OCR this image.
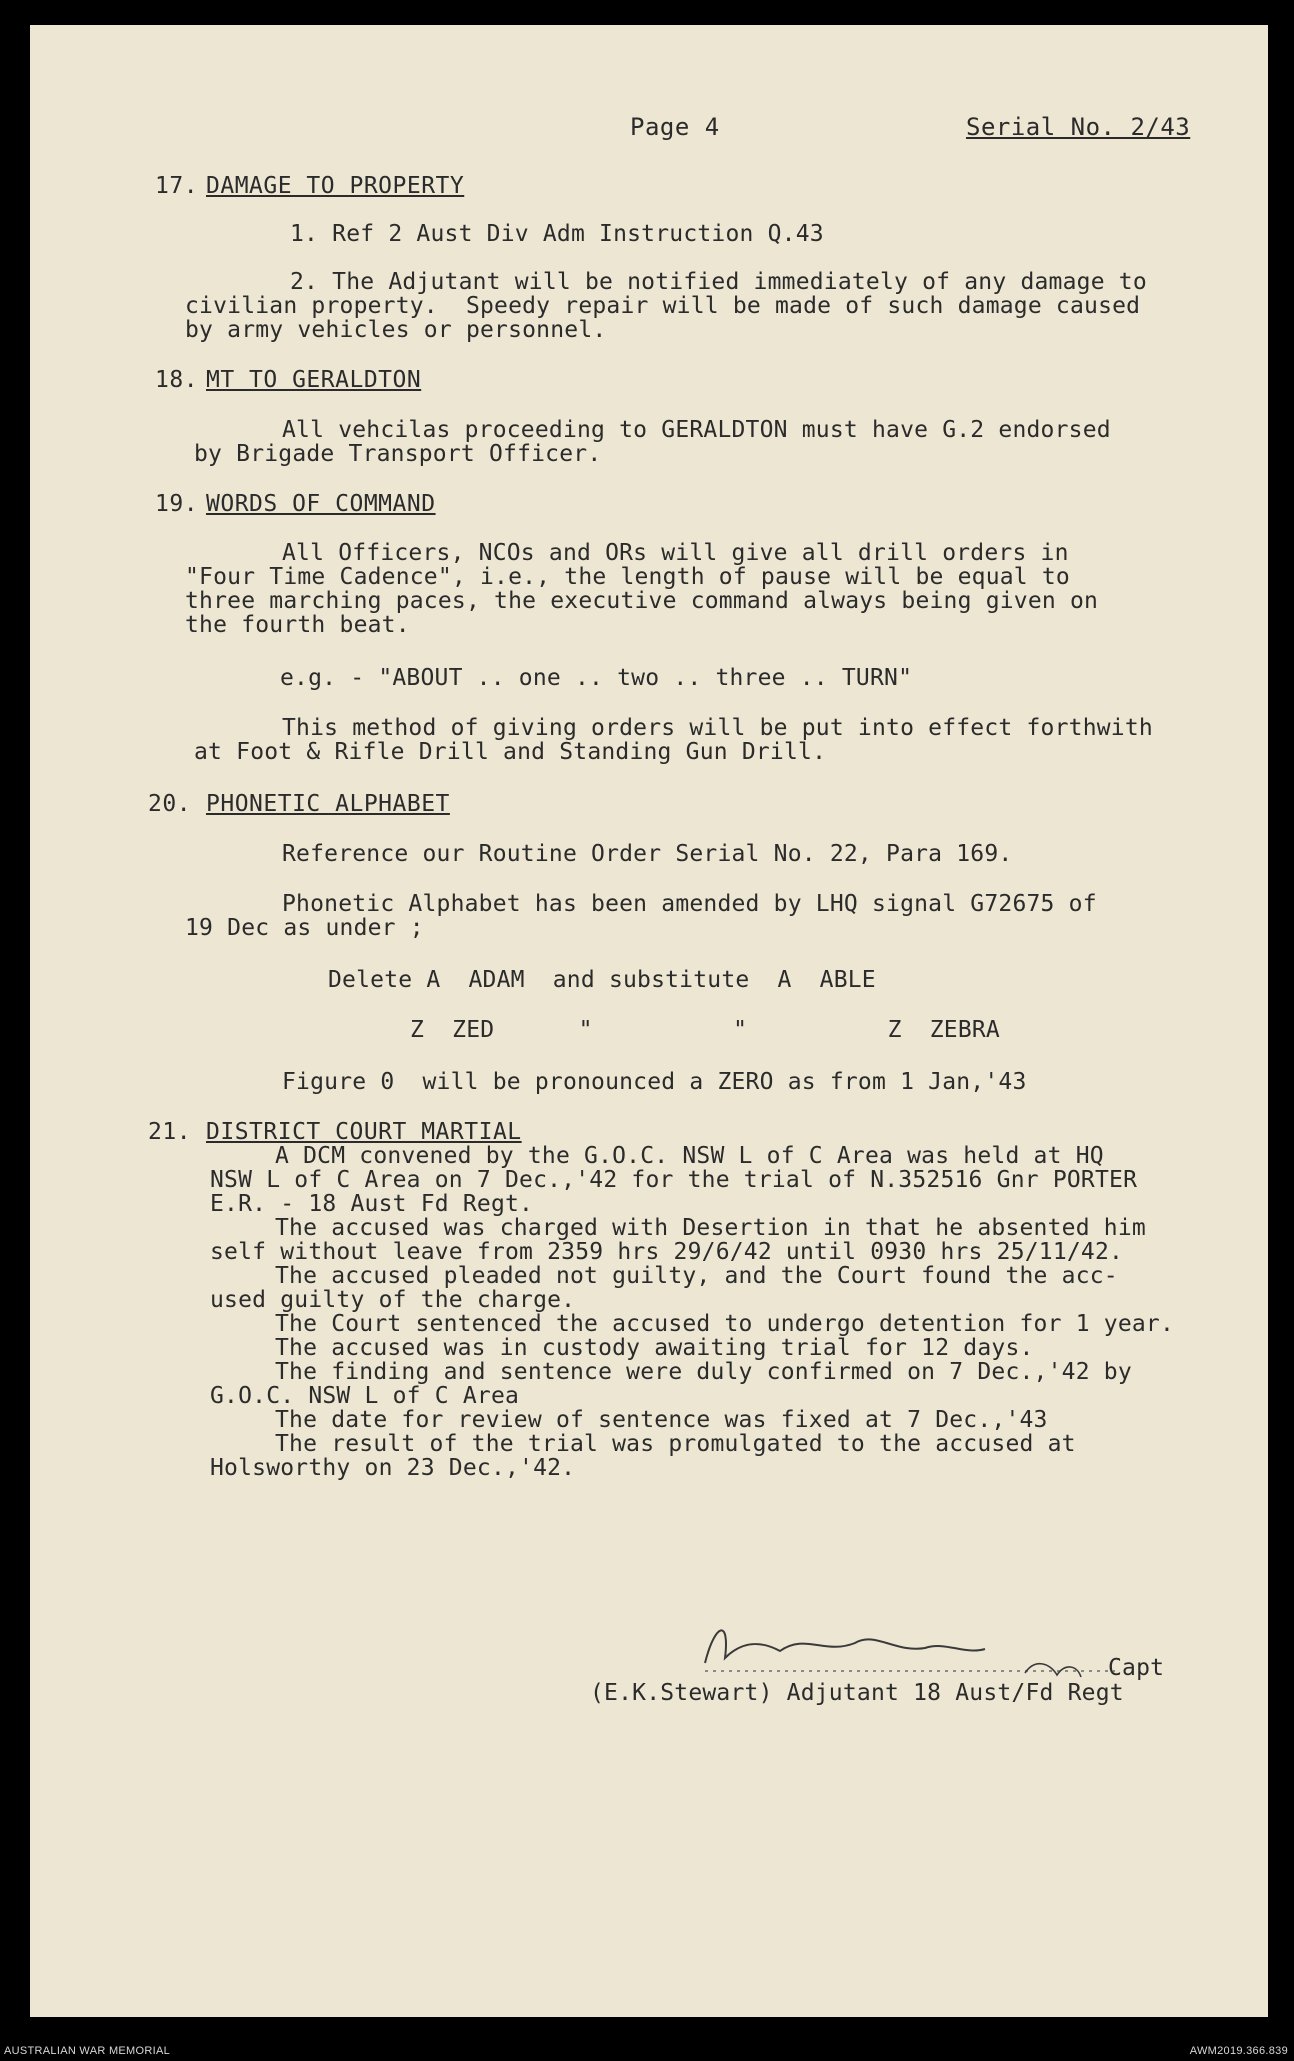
Page 4	Serial No. 2/43
17. DAMAGE TO PROPERTY
1. Ref 2 Aust Div Adm Instruction Q.43
2. The Adjutant will be notified immediately of any damage to
civilian property.  Speedy repair will be made of such damage caused
by army vehicles or personnel.
18. MT TO GERALDTON
All vehcilas proceeding to GERALDTON must have G.2 endorsed
by Brigade Transport Officer.
19. WORDS OF COMMAND
All Officers, NCOs and ORs will give all drill orders in
"Four Time Cadence", i.e., the length of pause will be equal to
three marching paces, the executive command always being given on
the fourth beat.
e.g. - "ABOUT .. one .. two .. three .. TURN"
This method of giving orders will be put into effect forthwith
at Foot & Rifle Drill and Standing Gun Drill.
20. PHONETIC ALPHABET
Reference our Routine Order Serial No. 22, Para 169.
Phonetic Alphabet has been amended by LHQ signal G72675 of
19 Dec as under ;
Delete A  ADAM  and substitute  A  ABLE
Z  ZED      "          "          Z  ZEBRA
Figure 0  will be pronounced a ZERO as from 1 Jan,'43
21. DISTRICT COURT MARTIAL
A DCM convened by the G.O.C. NSW L of C Area was held at HQ
NSW L of C Area on 7 Dec.,'42 for the trial of N.352516 Gnr PORTER
E.R. - 18 Aust Fd Regt.
The accused was charged with Desertion in that he absented him
self without leave from 2359 hrs 29/6/42 until 0930 hrs 25/11/42.
The accused pleaded not guilty, and the Court found the acc-
used guilty of the charge.
The Court sentenced the accused to undergo detention for 1 year.
The accused was in custody awaiting trial for 12 days.
The finding and sentence were duly confirmed on 7 Dec.,'42 by
G.O.C. NSW L of C Area
The date for review of sentence was fixed at 7 Dec.,'43
The result of the trial was promulgated to the accused at
Holsworthy on 23 Dec.,'42.
Capt
(E.K.Stewart) Adjutant 18 Aust/Fd Regt
AUSTRALIAN WAR MEMORIAL	AWM2019.366.839
